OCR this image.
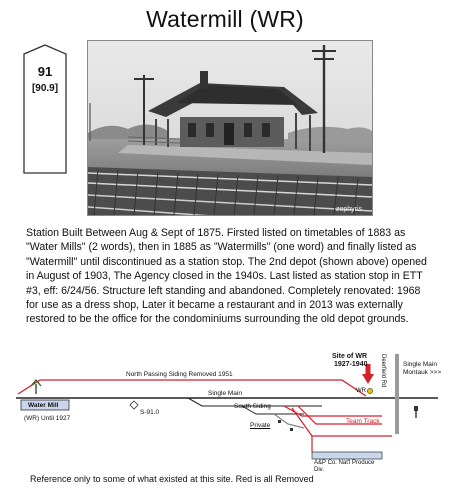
Watermill (WR)
91
[90.9]
zephyris
Station Built Between Aug & Sept of 1875. Firsted listed on timetables of 1883 as "Water Mills" (2 words), then in 1885 as "Watermills" (one word) and finally listed as "Watermill" until discontinued as a station stop. The 2nd depot (shown above) opened in August of 1903, The Agency closed in the 1940s. Last listed as station stop in ETT #3, eff: 6/24/56. Structure left standing and abandoned. Completely renovated: 1968 for use as a dress shop, Later it became a restaurant and in 2013 was externally restored to be the office for the condominiums surrounding the old depot grounds.
Site of WR
1927-1940
North Passing Siding Removed 1951
Single Main
Single Main
Montauk >>>
Deerfield Rd
Water Mill
(WR) Until 1927
S-91.0
South Siding
Private
Team Track
WR
A&P Co. Nat'l Produce
Div.
Reference only to some of what existed at this site. Red is all Removed
